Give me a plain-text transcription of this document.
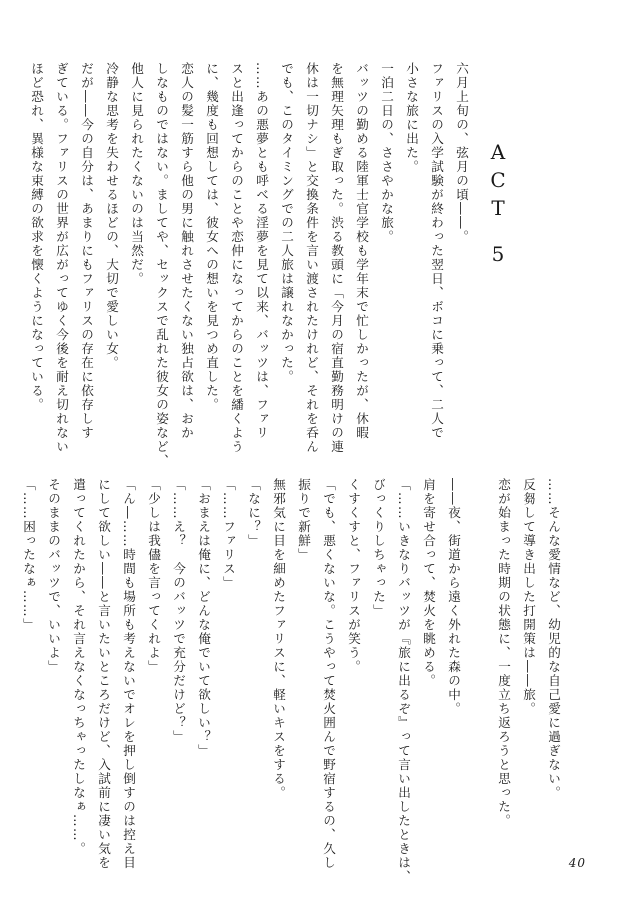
ACT5

六月上旬の、弦月の頃――。

ファリスの入学試験が終わった翌日、ボコに乗って、二人で

小さな旅に出た。

一泊二日の、ささやかな旅。

バッツの勤める陸軍士官学校も学年末で忙しかったが、休暇

を無理矢理もぎ取った。渋る教頭に「今月の宿直勤務明けの連

休は一切ナシ」と交換条件を言い渡されたけれど、それを呑ん

でも、このタイミングでの二人旅は譲れなかった。

……あの悪夢とも呼べる淫夢を見て以来、バッツは、ファリ

スと出逢ってからのことや恋仲になってからのことを繙くよう

に、幾度も回想しては、彼女への想いを見つめ直した。

恋人の髪一筋すら他の男に触れさせたくない独占欲は、おか

しなものではない。ましてや、セックスで乱れた彼女の姿など、

他人に見られたくないのは当然だ。

冷静な思考を失わせるほどの、大切で愛しい女。

だが――今の自分は、あまりにもファリスの存在に依存しす

ぎている。ファリスの世界が広がってゆく今後を耐え切れない

ほど恐れ、異様な束縛の欲求を懐くようになっている。

……そんな愛情など、幼児的な自己愛に過ぎない。

反芻して導き出した打開策は――旅。

恋が始まった時期の状態に、一度立ち返ろうと思った。

――夜、街道から遠く外れた森の中。

肩を寄せ合って、焚火を眺める。

「……いきなりバッツが『旅に出るぞ』って言い出したときは、

びっくりしちゃった」

くすくすと、ファリスが笑う。

「でも、悪くないな。こうやって焚火囲んで野宿するの、久し

振りで新鮮」

無邪気に目を細めたファリスに、軽いキスをする。

「なに？」

「……ファリス」

「おまえは俺に、どんな俺でいて欲しい？」

「……え？　今のバッツで充分だけど？」

「少しは我儘を言ってくれよ」

「ん―……時間も場所も考えないでオレを押し倒すのは控え目

にして欲しい――と言いたいところだけど、入試前に凄い気を

遣ってくれたから、それ言えなくなっちゃったしなぁ……。

そのままのバッツで、いいよ」

「……困ったなぁ……」

40
